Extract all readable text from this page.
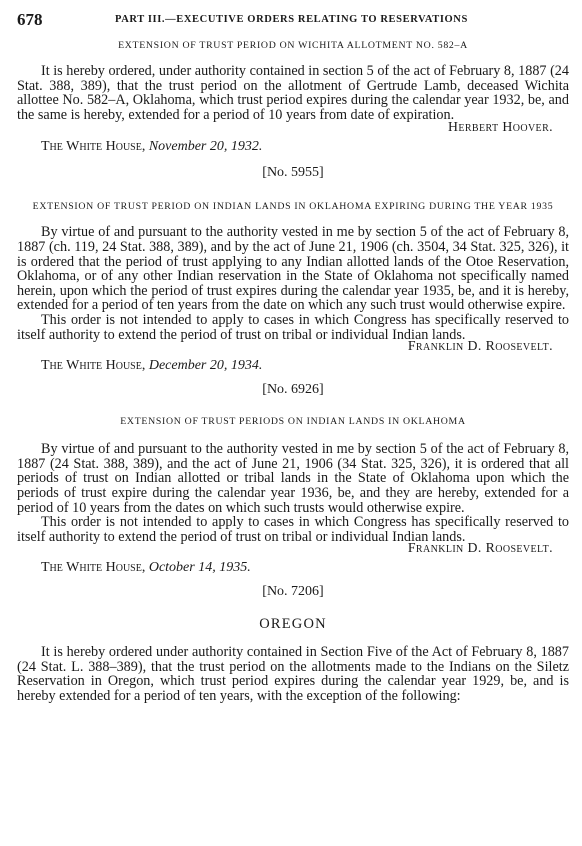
678	PART III.—EXECUTIVE ORDERS RELATING TO RESERVATIONS
EXTENSION OF TRUST PERIOD ON WICHITA ALLOTMENT NO. 582–A

It is hereby ordered, under authority contained in section 5 of the act of February 8, 1887 (24 Stat. 388, 389), that the trust period on the allotment of Gertrude Lamb, deceased Wichita allottee No. 582–A, Oklahoma, which trust period expires during the calendar year 1932, be, and the same is hereby, extended for a period of 10 years from date of expiration.

Herbert Hoover.

The White House, November 20, 1932.

[No. 5955]

EXTENSION OF TRUST PERIOD ON INDIAN LANDS IN OKLAHOMA EXPIRING DURING THE YEAR 1935

By virtue of and pursuant to the authority vested in me by section 5 of the act of February 8, 1887 (ch. 119, 24 Stat. 388, 389), and by the act of June 21, 1906 (ch. 3504, 34 Stat. 325, 326), it is ordered that the period of trust applying to any Indian allotted lands of the Otoe Reservation, Oklahoma, or of any other Indian reservation in the State of Oklahoma not specifically named herein, upon which the period of trust expires during the calendar year 1935, be, and it is hereby, extended for a period of ten years from the date on which any such trust would otherwise expire.

This order is not intended to apply to cases in which Congress has specifically reserved to itself authority to extend the period of trust on tribal or individual Indian lands.

Franklin D. Roosevelt.

The White House, December 20, 1934.

[No. 6926]

EXTENSION OF TRUST PERIODS ON INDIAN LANDS IN OKLAHOMA

By virtue of and pursuant to the authority vested in me by section 5 of the act of February 8, 1887 (24 Stat. 388, 389), and the act of June 21, 1906 (34 Stat. 325, 326), it is ordered that all periods of trust on Indian allotted or tribal lands in the State of Oklahoma upon which the periods of trust expire during the calendar year 1936, be, and they are hereby, extended for a period of 10 years from the dates on which such trusts would otherwise expire.

This order is not intended to apply to cases in which Congress has specifically reserved to itself authority to extend the period of trust on tribal or individual Indian lands.

Franklin D. Roosevelt.

The White House, October 14, 1935.

[No. 7206]

OREGON

It is hereby ordered under authority contained in Section Five of the Act of February 8, 1887 (24 Stat. L. 388–389), that the trust period on the allotments made to the Indians on the Siletz Reservation in Oregon, which trust period expires during the calendar year 1929, be, and is hereby extended for a period of ten years, with the exception of the following:
